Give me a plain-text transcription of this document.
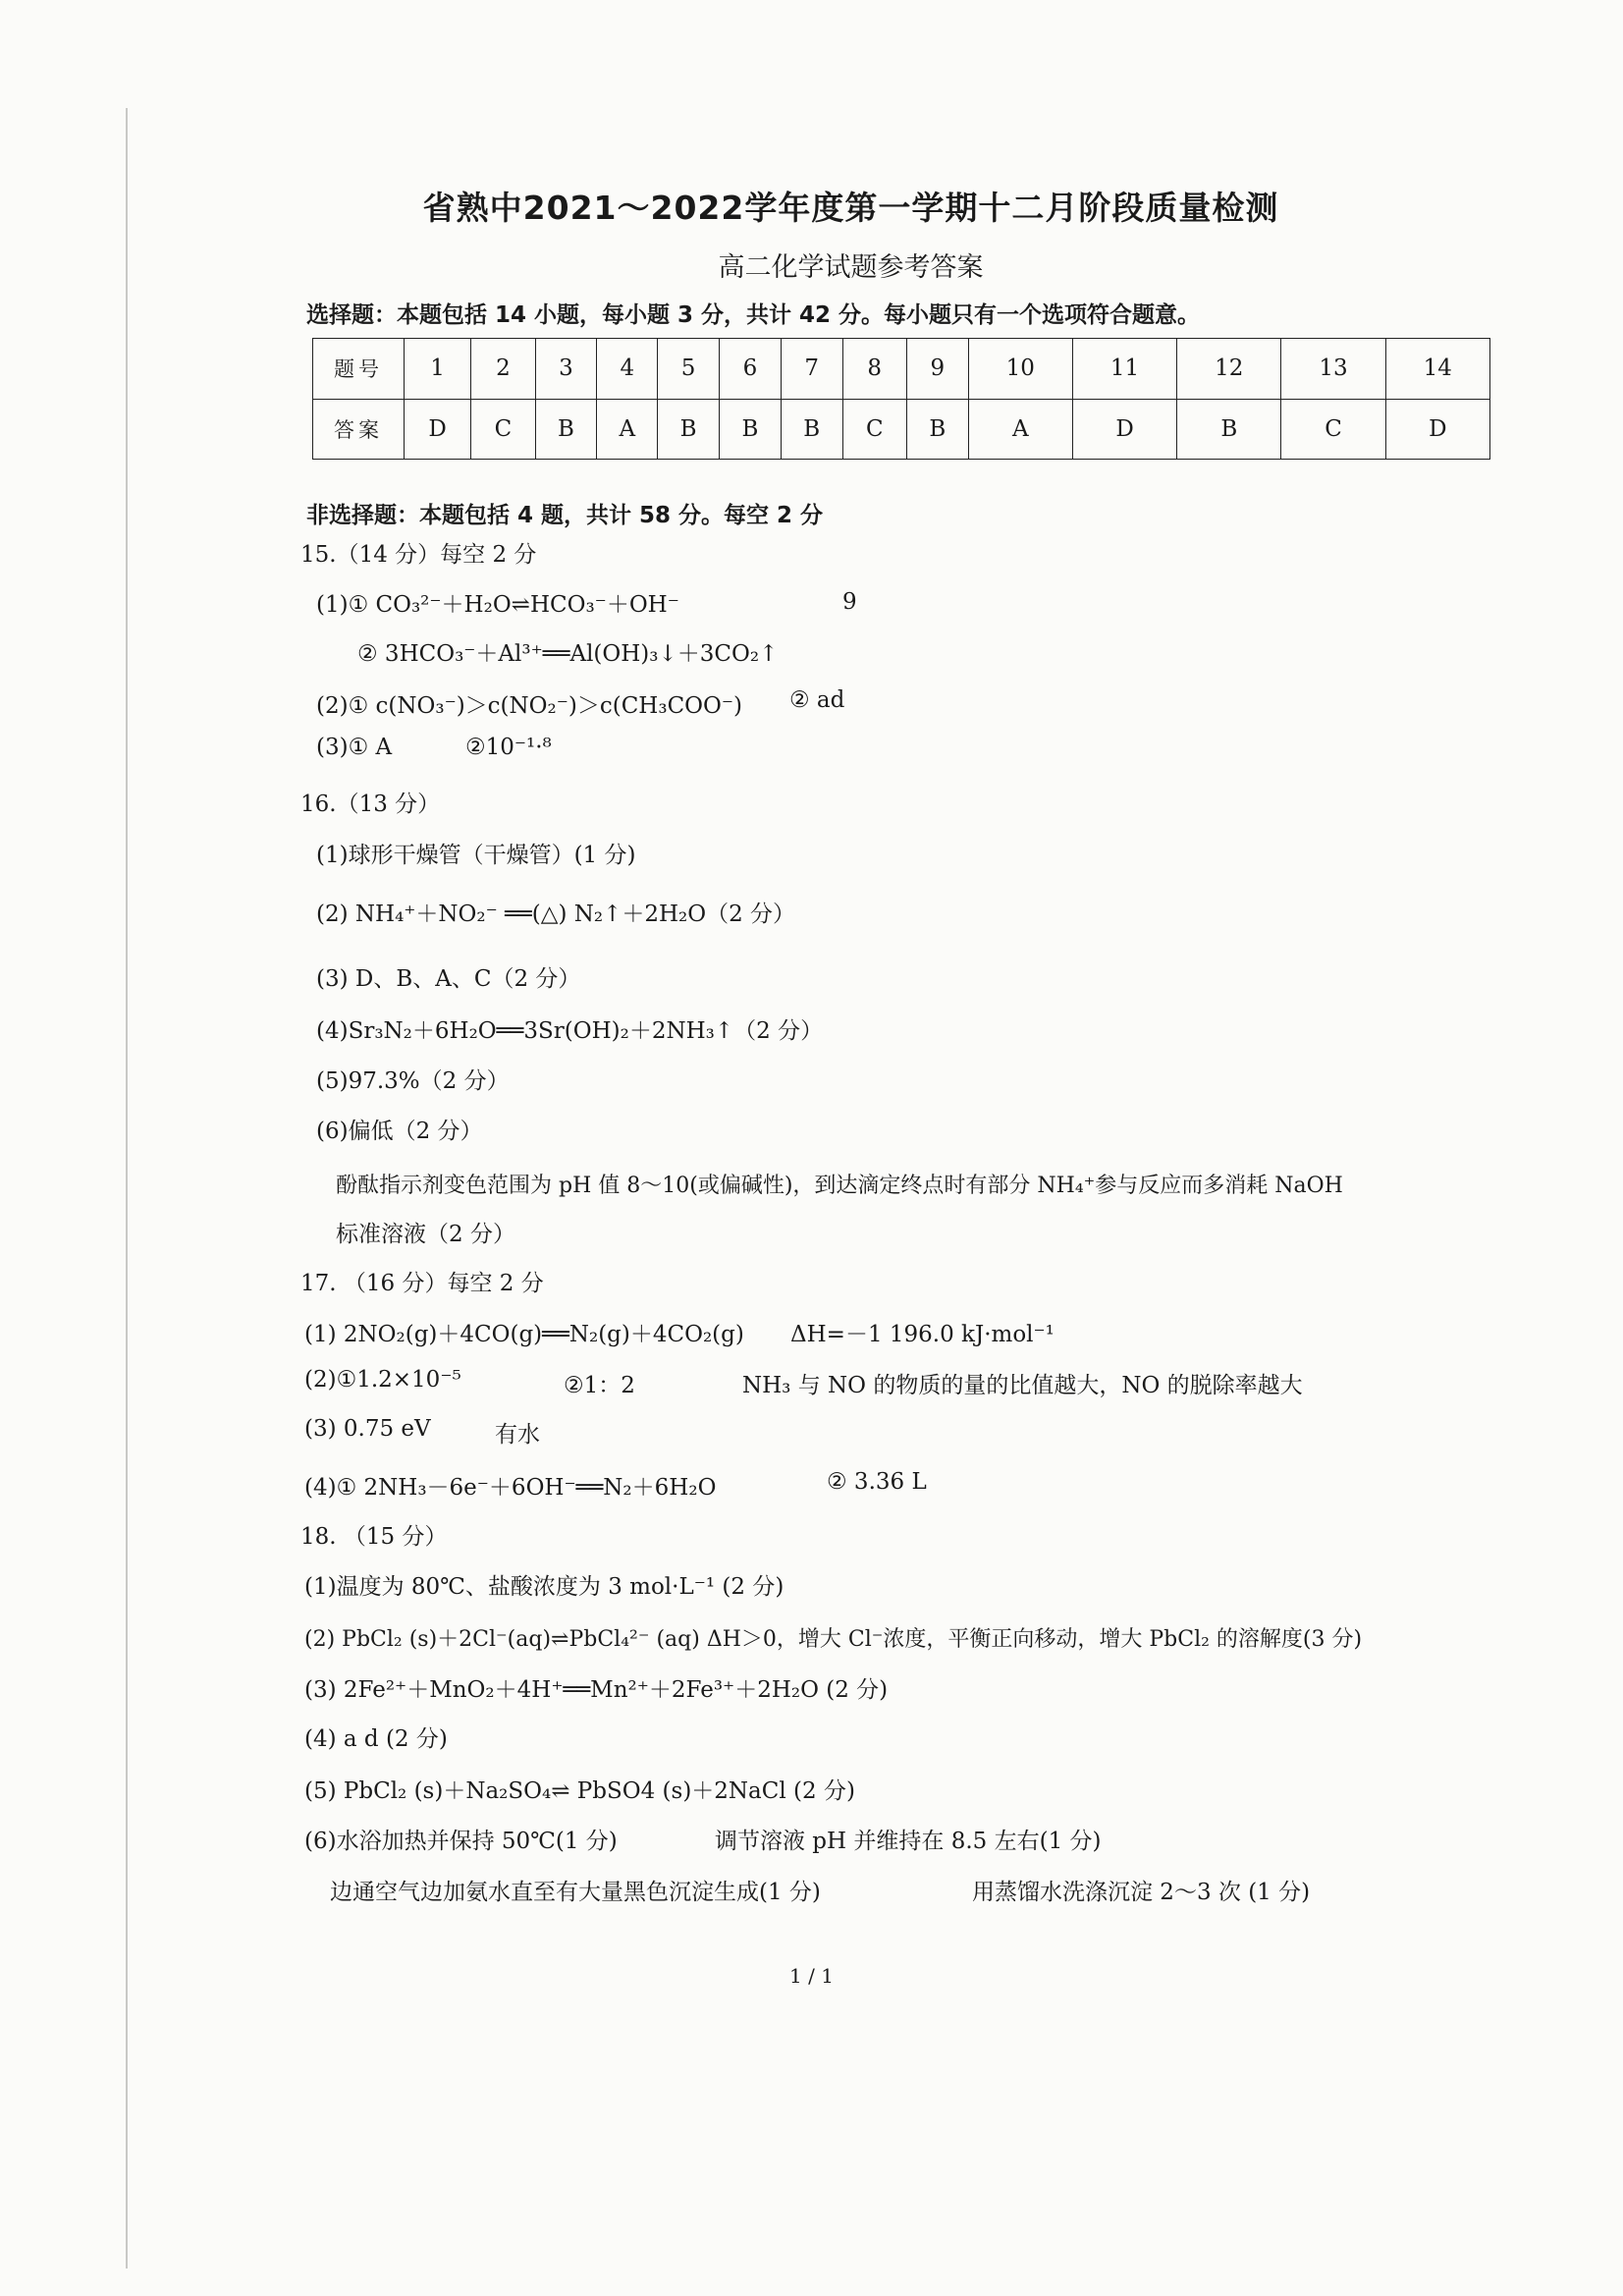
省熟中2021～2022学年度第一学期十二月阶段质量检测
高二化学试题参考答案
选择题：本题包括 14 小题，每小题 3 分，共计 42 分。每小题只有一个选项符合题意。
题号	1	2	3	4	5	6	7	8	9	10	11	12	13	14
答案	D	C	B	A	B	B	B	C	B	A	D	B	C	D
非选择题：本题包括 4 题，共计 58 分。每空 2 分
15.（14 分）每空 2 分
(1)① CO₃²⁻＋H₂O⇌HCO₃⁻＋OH⁻	9
② 3HCO₃⁻＋Al³⁺══Al(OH)₃↓＋3CO₂↑
(2)① c(NO₃⁻)＞c(NO₂⁻)＞c(CH₃COO⁻) ② ad
(3)① A	②10⁻¹·⁸
16.（13 分）
(1)球形干燥管（干燥管）(1 分)
(2) NH₄⁺＋NO₂⁻ ══(△) N₂↑＋2H₂O（2 分）
(3) D、B、A、C（2 分）
(4)Sr₃N₂＋6H₂O══3Sr(OH)₂＋2NH₃↑（2 分）
(5)97.3%（2 分）
(6)偏低（2 分）
酚酞指示剂变色范围为 pH 值 8～10(或偏碱性)，到达滴定终点时有部分 NH₄⁺参与反应而多消耗 NaOH
标准溶液（2 分）
17. （16 分）每空 2 分
(1) 2NO₂(g)＋4CO(g)══N₂(g)＋4CO₂(g) ΔH=－1 196.0 kJ·mol⁻¹
(2)①1.2×10⁻⁵	②1：2	NH₃ 与 NO 的物质的量的比值越大，NO 的脱除率越大
(3) 0.75 eV	有水
(4)① 2NH₃－6e⁻＋6OH⁻══N₂＋6H₂O	② 3.36 L
18. （15 分）
(1)温度为 80℃、盐酸浓度为 3 mol·L⁻¹ (2 分)
(2) PbCl₂ (s)＋2Cl⁻(aq)⇌PbCl₄²⁻ (aq) ΔH＞0，增大 Cl⁻浓度，平衡正向移动，增大 PbCl₂ 的溶解度(3 分)
(3) 2Fe²⁺＋MnO₂＋4H⁺══Mn²⁺＋2Fe³⁺＋2H₂O (2 分)
(4) a d (2 分)
(5) PbCl₂ (s)＋Na₂SO₄⇌ PbSO4 (s)＋2NaCl (2 分)
(6)水浴加热并保持 50℃(1 分)	调节溶液 pH 并维持在 8.5 左右(1 分)
边通空气边加氨水直至有大量黑色沉淀生成(1 分)	用蒸馏水洗涤沉淀 2～3 次 (1 分)
1 / 1
